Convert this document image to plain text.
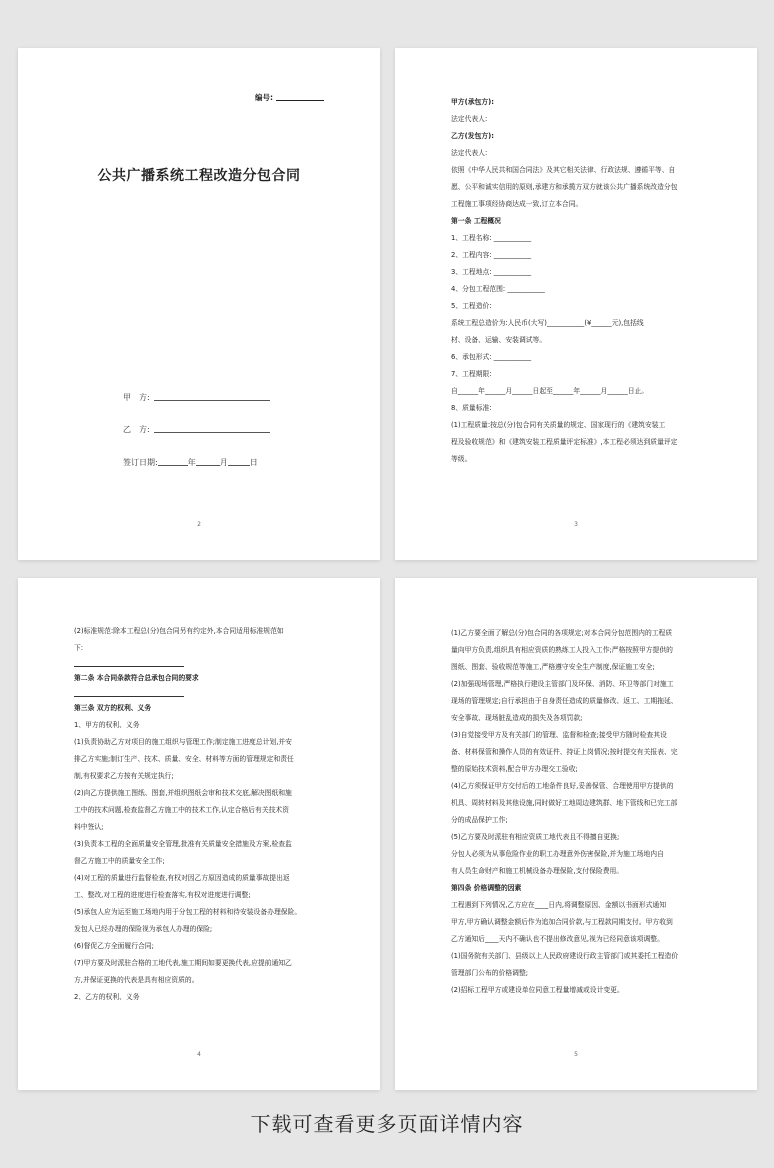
编号:
公共广播系统工程改造分包合同
甲　方:
乙　方:
签订日期:	年	月	日
2

甲方(承包方):

法定代表人:

乙方(发包方):

法定代表人:

依照《中华人民共和国合同法》及其它相关法律、行政法规、遵循平等、自

愿、公平和诚实信用的原则,承建方和承揽方双方就该公共广播系统改造分包

工程施工事项经协商达成一致,订立本合同。

第一条 工程概况

1、工程名称: ___________

2、工程内容: ___________

3、工程地点: ___________

4、分包工程范围: ___________

5、工程造价:

系统工程总造价为:人民币(大写)___________(¥______元),包括线

材、设备、运输、安装调试等。

6、承包形式: ___________

7、工程期限:

自______年______月______日起至______年______月______日止。

8、质量标准:

(1)工程质量:按总(分)包合同有关质量的规定、国家现行的《建筑安装工

程及验收规范》和《建筑安装工程质量评定标准》,本工程必须达到质量评定

等级。

3

(2)标准规范:除本工程总(分)包合同另有约定外,本合同适用标准规范如

下:

第二条 本合同条款符合总承包合同的要求

第三条 双方的权利、义务

1、甲方的权利、义务

(1)负责协助乙方对项目的施工组织与管理工作;制定施工进度总计划,并安

排乙方实施;制订生产、技术、质量、安全、材料等方面的管理规定和责任

制,有权要求乙方按有关规定执行;

(2)向乙方提供施工图纸、图套,并组织图纸会审和技术交底,解决图纸和施

工中的技术问题,检查监督乙方施工中的技术工作,认定合格后有关技术资

料中签认;

(3)负责本工程的全面质量安全管理,批准有关质量安全措施及方案,检查监

督乙方施工中的质量安全工作;

(4)对工程的质量进行监督检查,有权对因乙方原因造成的质量事故提出返

工、整改,对工程的进度进行检查落实,有权对进度进行调整;

(5)承包人应为运至施工场地内用于分包工程的材料和待安装设备办理保险。

发包人已经办理的保险视为承包人办理的保险;

(6)督促乙方全面履行合同;

(7)甲方要及时派驻合格的工地代表,施工期间如要更换代表,应提前通知乙

方,并保证更换的代表是具有相应资质的。

2、乙方的权利、义务

4

(1)乙方要全面了解总(分)包合同的各项规定;对本合同分包范围内的工程质

量向甲方负责,组织具有相应资质的熟练工人投入工作;严格按照甲方提供的

图纸、图套、验收规范等施工,严格遵守安全生产制度,保证施工安全;

(2)加强现场管理,严格执行建设主管部门及环保、消防、环卫等部门对施工

现场的管理规定;自行承担由于自身责任造成的质量修改、返工、工期拖延、

安全事故、现场脏乱造成的损失及各项罚款;

(3)自觉接受甲方及有关部门的管理、监督和检查;接受甲方随时检查其设

备、材料保管和操作人员的有效证件、持证上岗情况;按时提交有关报表、完

整的原始技术资料,配合甲方办理交工验收;

(4)乙方须保证甲方交付后的工地条件良好,妥善保管、合理使用甲方提供的

机具、周转材料及其他设施,同时做好工地周边建筑群、地下管线和已完工部

分的成品保护工作;

(5)乙方要及时派驻有相应资质工地代表且不得擅自更换;

分包人必须为从事危险作业的职工办理意外伤害保险,并为施工场地内自

有人员生命财产和施工机械设备办理保险,支付保险费用。

第四条 价格调整的因素

工程遇到下列情况,乙方应在____日内,将调整原因、金额以书面形式通知

甲方,甲方确认调整金额后作为追加合同价款,与工程款同期支付。甲方收到

乙方通知后____天内不确认也不提出修改意见,视为已经同意该项调整。

(1)国务院有关部门、县级以上人民政府建设行政主管部门或其委托工程造价

管理部门公布的价格调整;

(2)招标工程甲方或建设单位同意工程量增减或设计变更。

5
下载可查看更多页面详情内容
